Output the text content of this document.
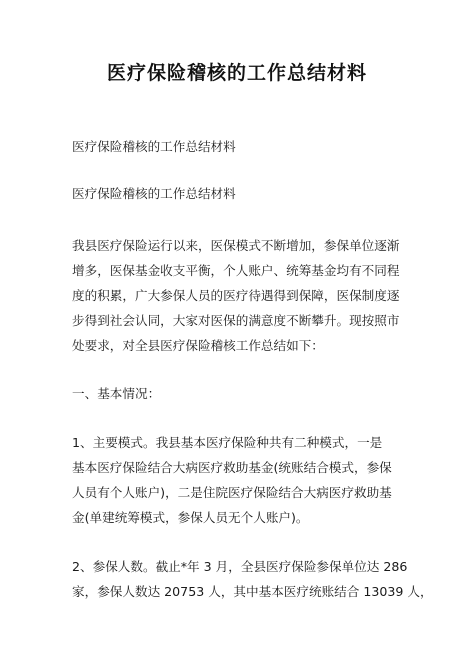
医疗保险稽核的工作总结材料
医疗保险稽核的工作总结材料
医疗保险稽核的工作总结材料
我县医疗保险运行以来，医保模式不断增加，参保单位逐渐
增多，医保基金收支平衡，个人账户、统筹基金均有不同程
度的积累，广大参保人员的医疗待遇得到保障，医保制度逐
步得到社会认同，大家对医保的满意度不断攀升。现按照市
处要求，对全县医疗保险稽核工作总结如下：
一、基本情况：
1、主要模式。我县基本医疗保险种共有二种模式，一是
基本医疗保险结合大病医疗救助基金(统账结合模式，参保
人员有个人账户)，二是住院医疗保险结合大病医疗救助基
金(单建统筹模式，参保人员无个人账户)。
2、参保人数。截止*年 3 月，全县医疗保险参保单位达 286
家，参保人数达 20753 人，其中基本医疗统账结合 13039 人，
